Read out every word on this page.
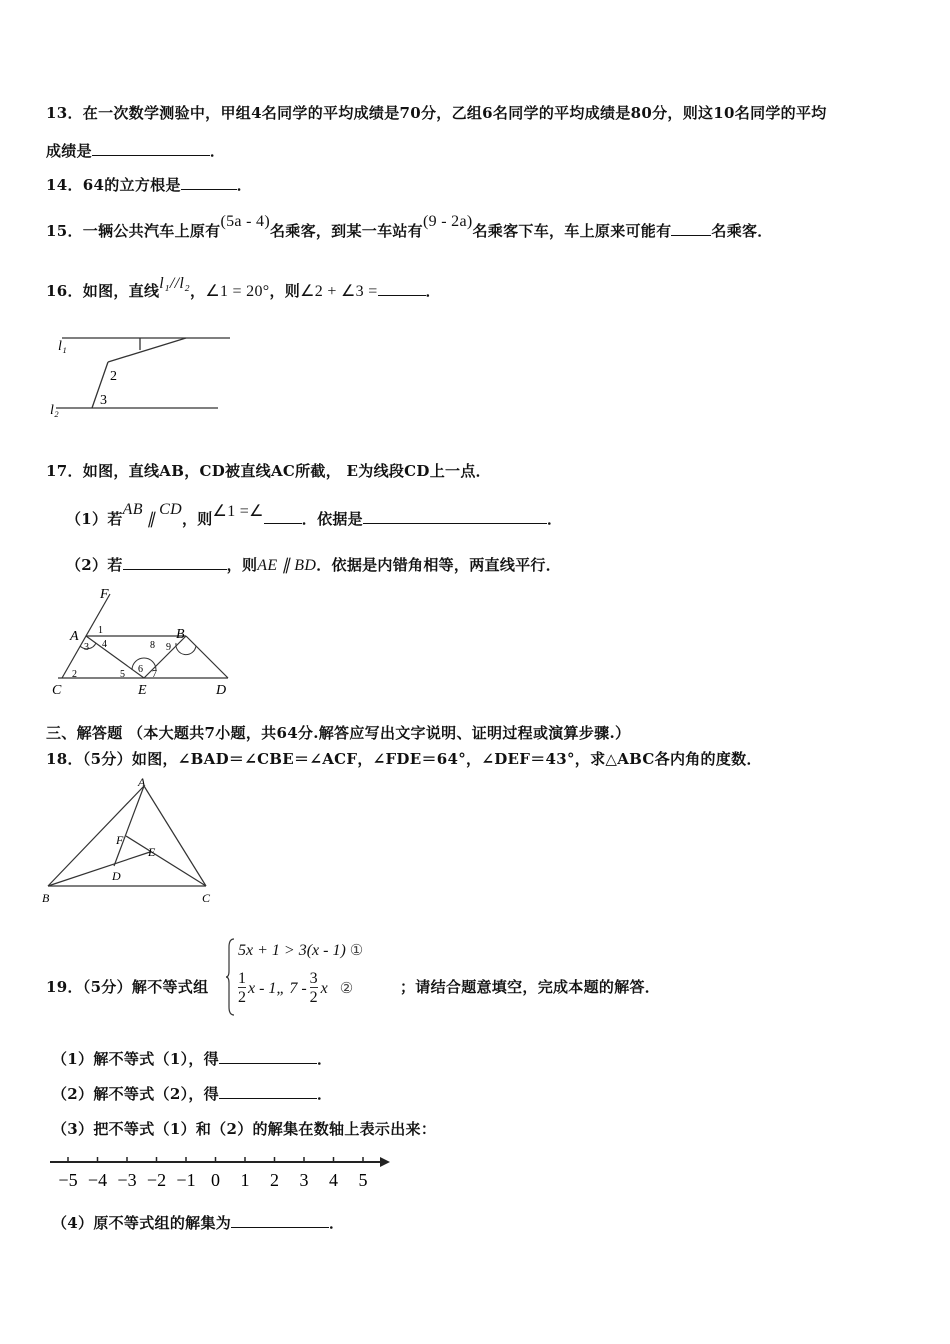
13．在一次数学测验中，甲组4名同学的平均成绩是70分，乙组6名同学的平均成绩是80分，则这10名同学的平均
成绩是	．
14．64的立方根是	．
15．一辆公共汽车上原有(5a - 4)名乘客，到某一车站有(9 - 2a)名乘客下车，车上原来可能有	名乘客．
16．如图，直线l₁//l₂，∠1 = 20°，则∠2 + ∠3 =	．
l₁
l₂
2
3
17．如图，直线AB，CD被直线AC所截， E为线段CD上一点．
（1）若AB∥CD，则∠1 =∠	．依据是	．
（2）若	，则AE ∥ BD．依据是内错角相等，两直线平行．
F
A	B
C	E	D
1
2
3 4
5 6 7
8 9
三、解答题 （本大题共7小题，共64分.解答应写出文字说明、证明过程或演算步骤.）
18．（5分）如图，∠BAD＝∠CBE＝∠ACF，∠FDE＝64°，∠DEF＝43°，求△ABC各内角的度数．
A
B	C
D
E
F
19．（5分）解不等式组
5x + 1 > 3(x - 1) ①
$\frac{1}{2}$ x - 1„ $7 - \frac{3}{2}$ x ②	；请结合题意填空，完成本题的解答．
（1）解不等式（1），得	．
（2）解不等式（2），得	．
（3）把不等式（1）和（2）的解集在数轴上表示出来：
−5 −4 −3 −2 −1 0 1 2 3 4 5
（4）原不等式组的解集为	．
